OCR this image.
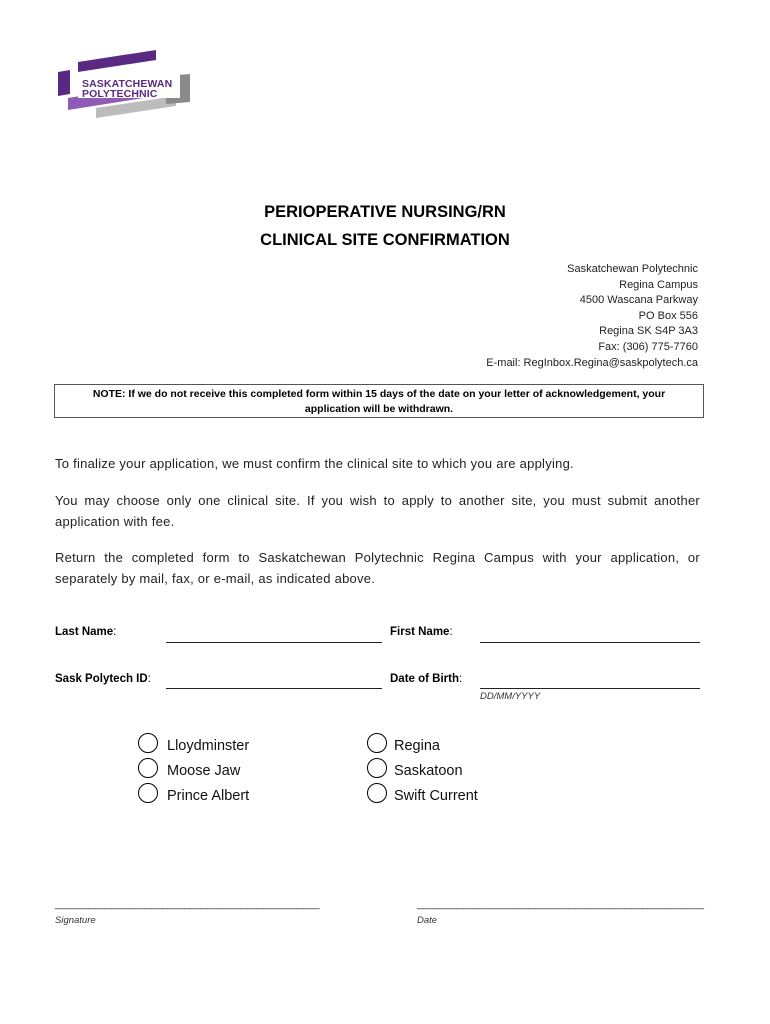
SASKATCHEWAN
POLYTECHNIC
PERIOPERATIVE NURSING/RN
CLINICAL SITE CONFIRMATION
Saskatchewan Polytechnic
Regina Campus
4500 Wascana Parkway
PO Box 556
Regina SK S4P 3A3
Fax: (306) 775-7760
E-mail: RegInbox.Regina@saskpolytech.ca
NOTE: If we do not receive this completed form within 15 days of the date on your letter of acknowledgement, your
application will be withdrawn.
To finalize your application, we must confirm the clinical site to which you are applying.
You may choose only one clinical site. If you wish to apply to another site, you must submit another application with fee.
Return the completed form to Saskatchewan Polytechnic Regina Campus with your application, or separately by mail, fax, or e-mail, as indicated above.
Last Name:	First Name:
Sask Polytech ID:	Date of Birth:
DD/MM/YYYY
Lloydminster
Moose Jaw
Prince Albert
Regina
Saskatoon
Swift Current
_______________________________________________
Signature
___________________________________________________
Date
